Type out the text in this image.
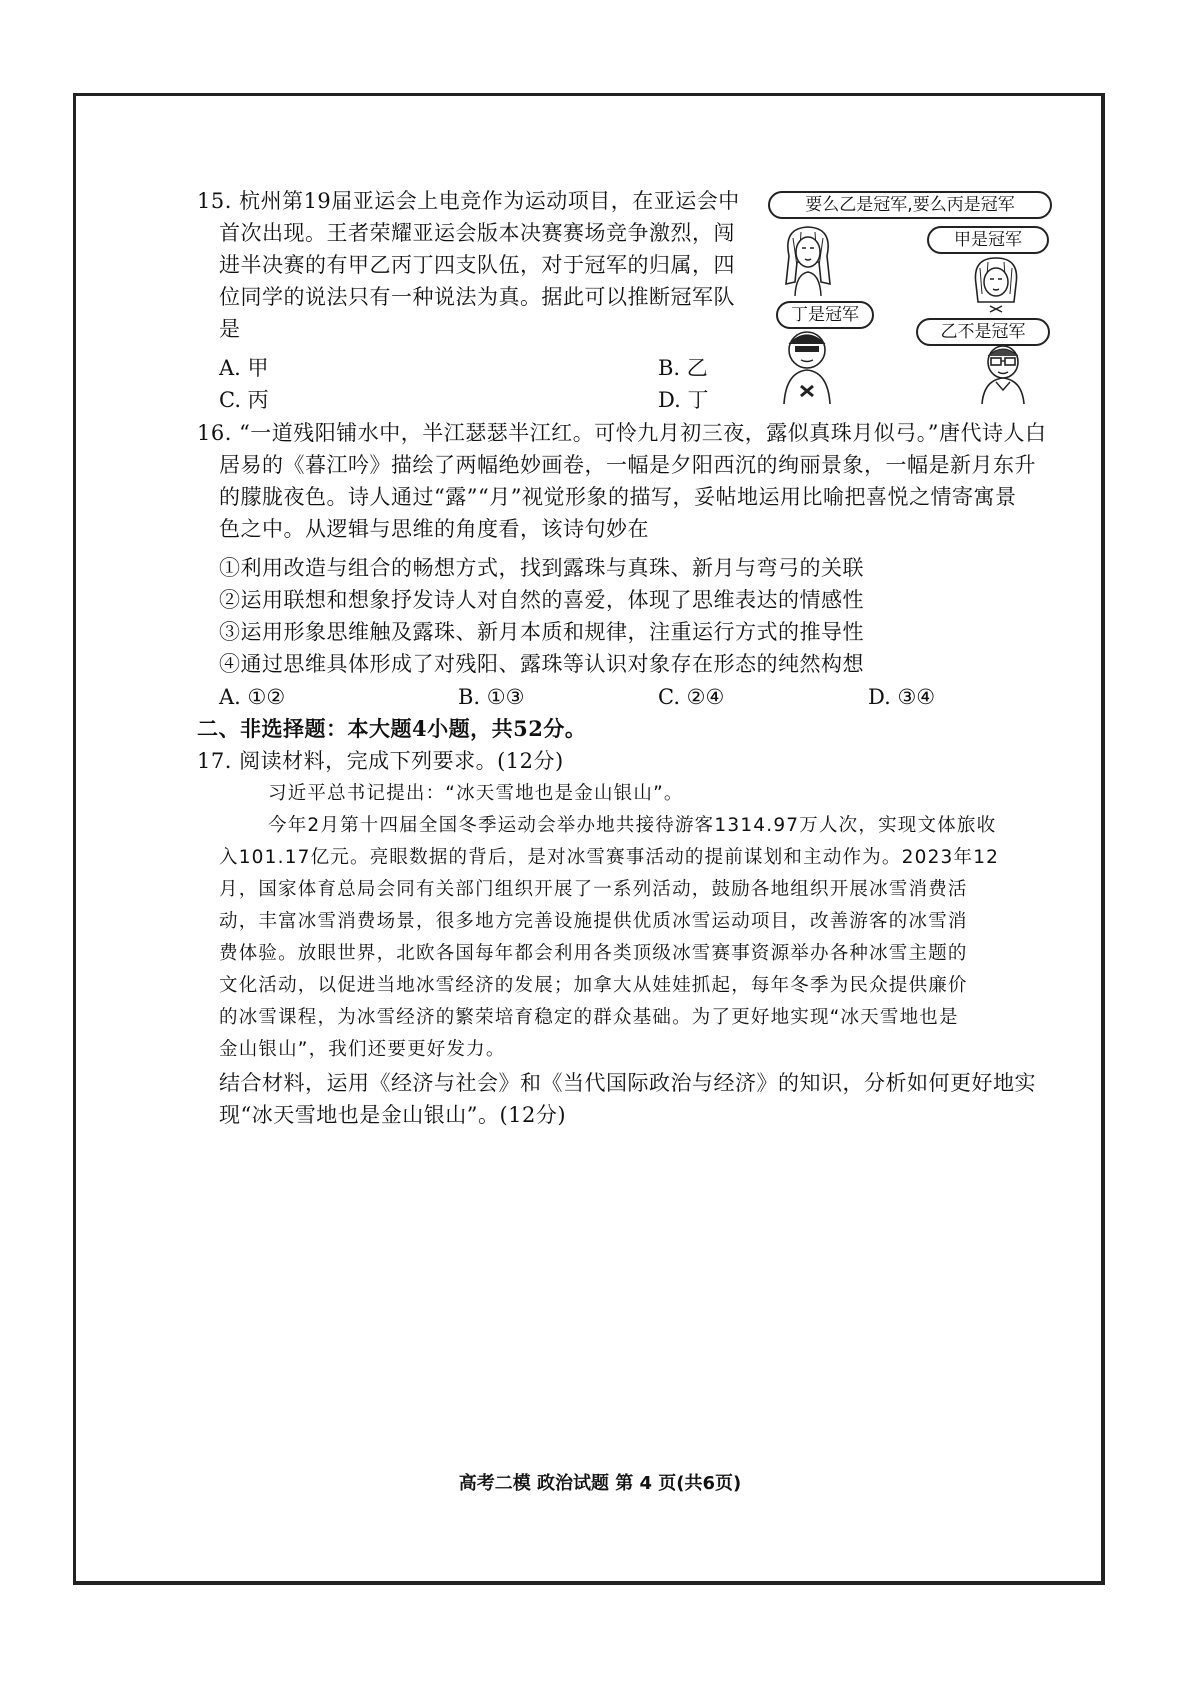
15. 杭州第19届亚运会上电竞作为运动项目，在亚运会中
首次出现。王者荣耀亚运会版本决赛赛场竞争激烈，闯
进半决赛的有甲乙丙丁四支队伍，对于冠军的归属，四
位同学的说法只有一种说法为真。据此可以推断冠军队
是
A. 甲	B. 乙
C. 丙	D. 丁
要么乙是冠军,要么丙是冠军
甲是冠军
丁是冠军
乙不是冠军
16. “一道残阳铺水中，半江瑟瑟半江红。可怜九月初三夜，露似真珠月似弓。”唐代诗人白
居易的《暮江吟》描绘了两幅绝妙画卷，一幅是夕阳西沉的绚丽景象，一幅是新月东升
的朦胧夜色。诗人通过“露”“月”视觉形象的描写，妥帖地运用比喻把喜悦之情寄寓景
色之中。从逻辑与思维的角度看，该诗句妙在
①利用改造与组合的畅想方式，找到露珠与真珠、新月与弯弓的关联
②运用联想和想象抒发诗人对自然的喜爱，体现了思维表达的情感性
③运用形象思维触及露珠、新月本质和规律，注重运行方式的推导性
④通过思维具体形成了对残阳、露珠等认识对象存在形态的纯然构想
A. ①②	B. ①③	C. ②④	D. ③④
二、非选择题：本大题4小题，共52分。
17. 阅读材料，完成下列要求。(12分)
习近平总书记提出：“冰天雪地也是金山银山”。
今年2月第十四届全国冬季运动会举办地共接待游客1314.97万人次，实现文体旅收
入101.17亿元。亮眼数据的背后，是对冰雪赛事活动的提前谋划和主动作为。2023年12
月，国家体育总局会同有关部门组织开展了一系列活动，鼓励各地组织开展冰雪消费活
动，丰富冰雪消费场景，很多地方完善设施提供优质冰雪运动项目，改善游客的冰雪消
费体验。放眼世界，北欧各国每年都会利用各类顶级冰雪赛事资源举办各种冰雪主题的
文化活动，以促进当地冰雪经济的发展；加拿大从娃娃抓起，每年冬季为民众提供廉价
的冰雪课程，为冰雪经济的繁荣培育稳定的群众基础。为了更好地实现“冰天雪地也是
金山银山”，我们还要更好发力。
结合材料，运用《经济与社会》和《当代国际政治与经济》的知识，分析如何更好地实
现“冰天雪地也是金山银山”。(12分)
高考二模 政治试题 第 4 页(共6页)
